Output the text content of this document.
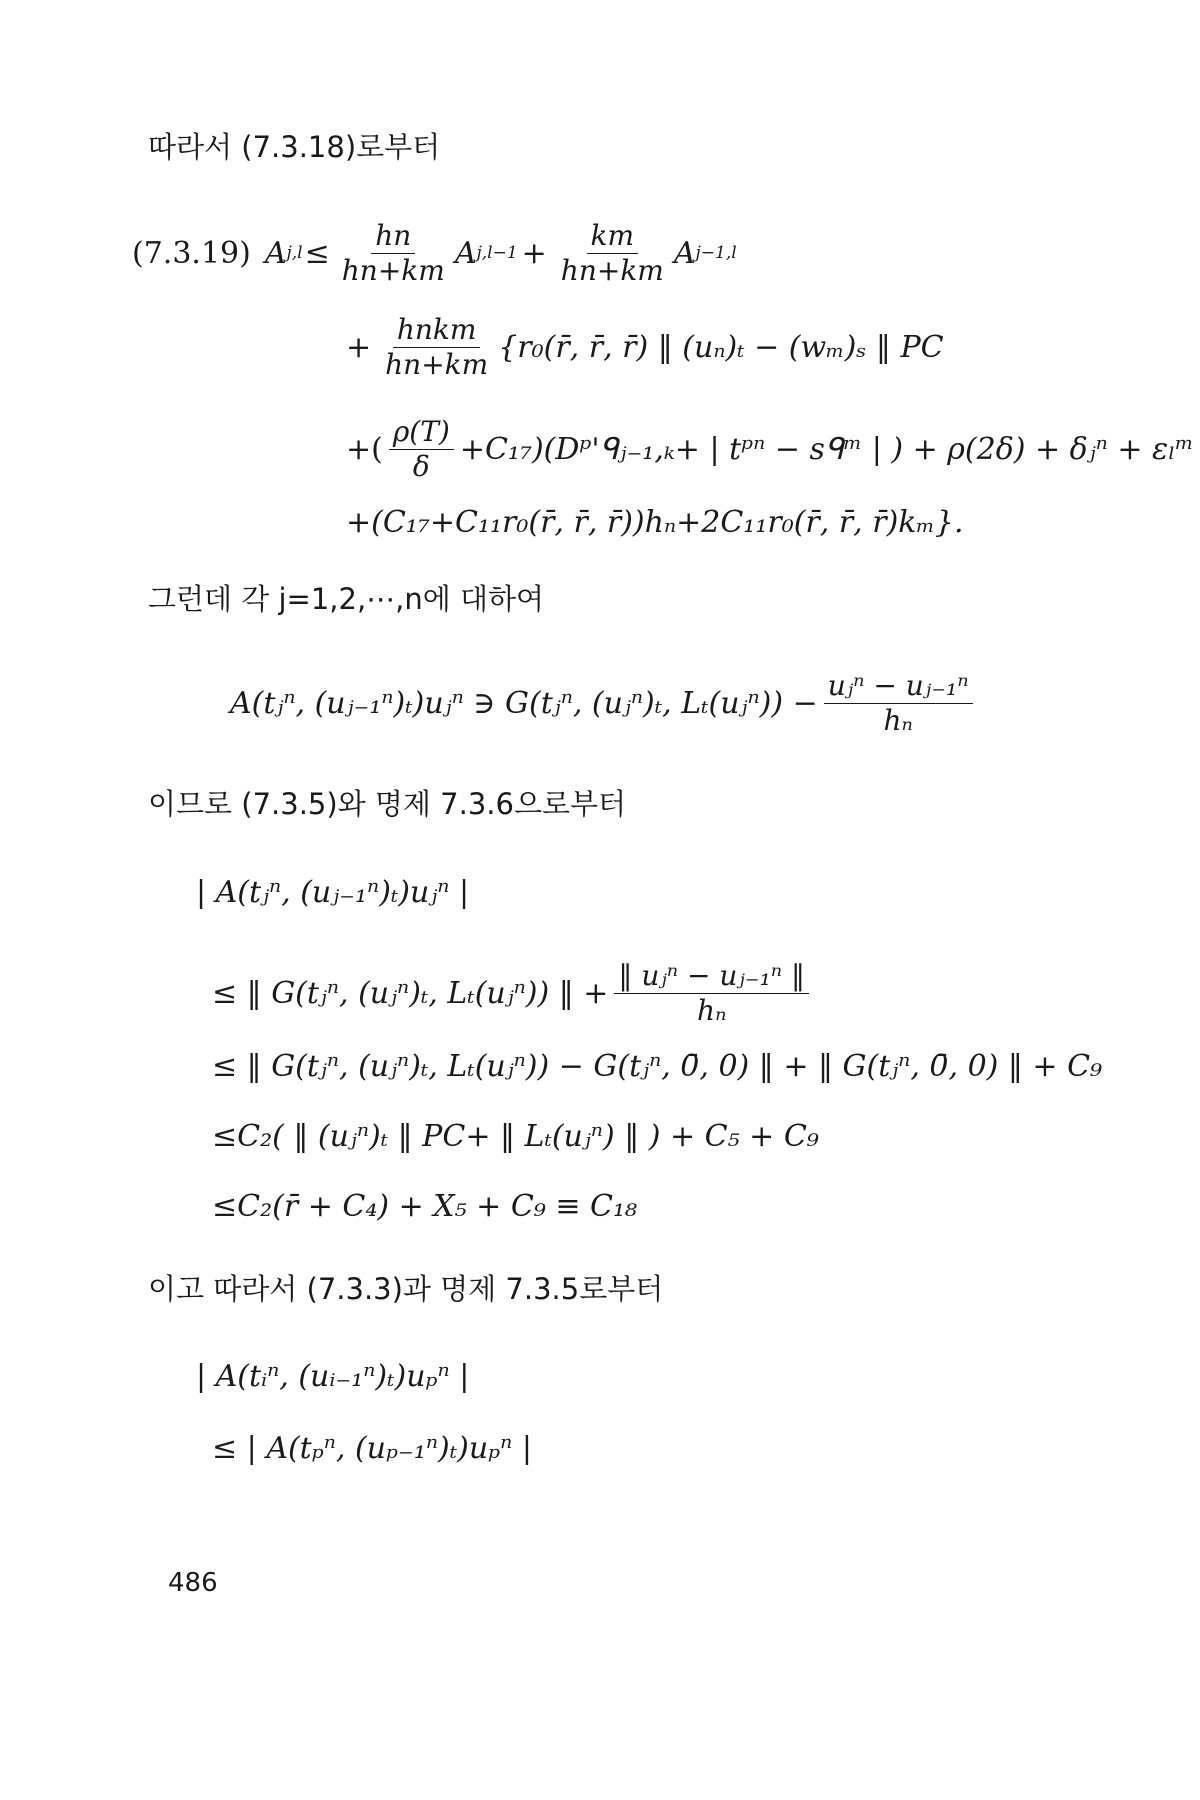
따라서 (7.3.18)로부터
(7.3.19) A $j,l \le \frac{hn}{hn+km}$ A $j,l-1 + \frac{km}{hn+km}$ A j−1,l
+ $\frac{\text{hnkm}}{hn+km}$ {r₀(r̄, r̄, r̄) ‖ (uₙ)ₜ − (wₘ)ₛ ‖ PC
+( $\frac{\rho(T)}{\delta}$ +C₁₇)(Dᵖ'ᑫⱼ₋₁,ₖ+ | tᵖⁿ − sᑫᵐ | ) + ρ(2δ) + δⱼⁿ + εₗᵐ
+(C₁₇+C₁₁r₀(r̄, r̄, r̄))hₙ+2C₁₁r₀(r̄, r̄, r̄)kₘ}.
그런데 각 j=1,2,⋯,n에 대하여
A(tⱼⁿ, (uⱼ₋₁ⁿ)ₜ)uⱼⁿ ∋ G(tⱼⁿ, (uⱼⁿ)ₜ, Lₜ(uⱼⁿ)) − $\frac{\text{uⱼⁿ − uⱼ₋₁ⁿ}}{\text{hₙ}}$
이므로 (7.3.5)와 명제 7.3.6으로부터
| A(tⱼⁿ, (uⱼ₋₁ⁿ)ₜ)uⱼⁿ |
≤ ‖ G(tⱼⁿ, (uⱼⁿ)ₜ, Lₜ(uⱼⁿ)) ‖ + $\frac{\text{‖ uⱼⁿ − uⱼ₋₁ⁿ ‖}}{\text{hₙ}}$
≤ ‖ G(tⱼⁿ, (uⱼⁿ)ₜ, Lₜ(uⱼⁿ)) − G(tⱼⁿ, 0̄, 0) ‖ + ‖ G(tⱼⁿ, 0̄, 0) ‖ + C₉
≤C₂( ‖ (uⱼⁿ)ₜ ‖ PC+ ‖ Lₜ(uⱼⁿ) ‖ ) + C₅ + C₉
≤C₂(r̄ + C₄) + X₅ + C₉ ≡ C₁₈
이고 따라서 (7.3.3)과 명제 7.3.5로부터
| A(tᵢⁿ, (uᵢ₋₁ⁿ)ₜ)uₚⁿ |
≤ | A(tₚⁿ, (uₚ₋₁ⁿ)ₜ)uₚⁿ |
486
